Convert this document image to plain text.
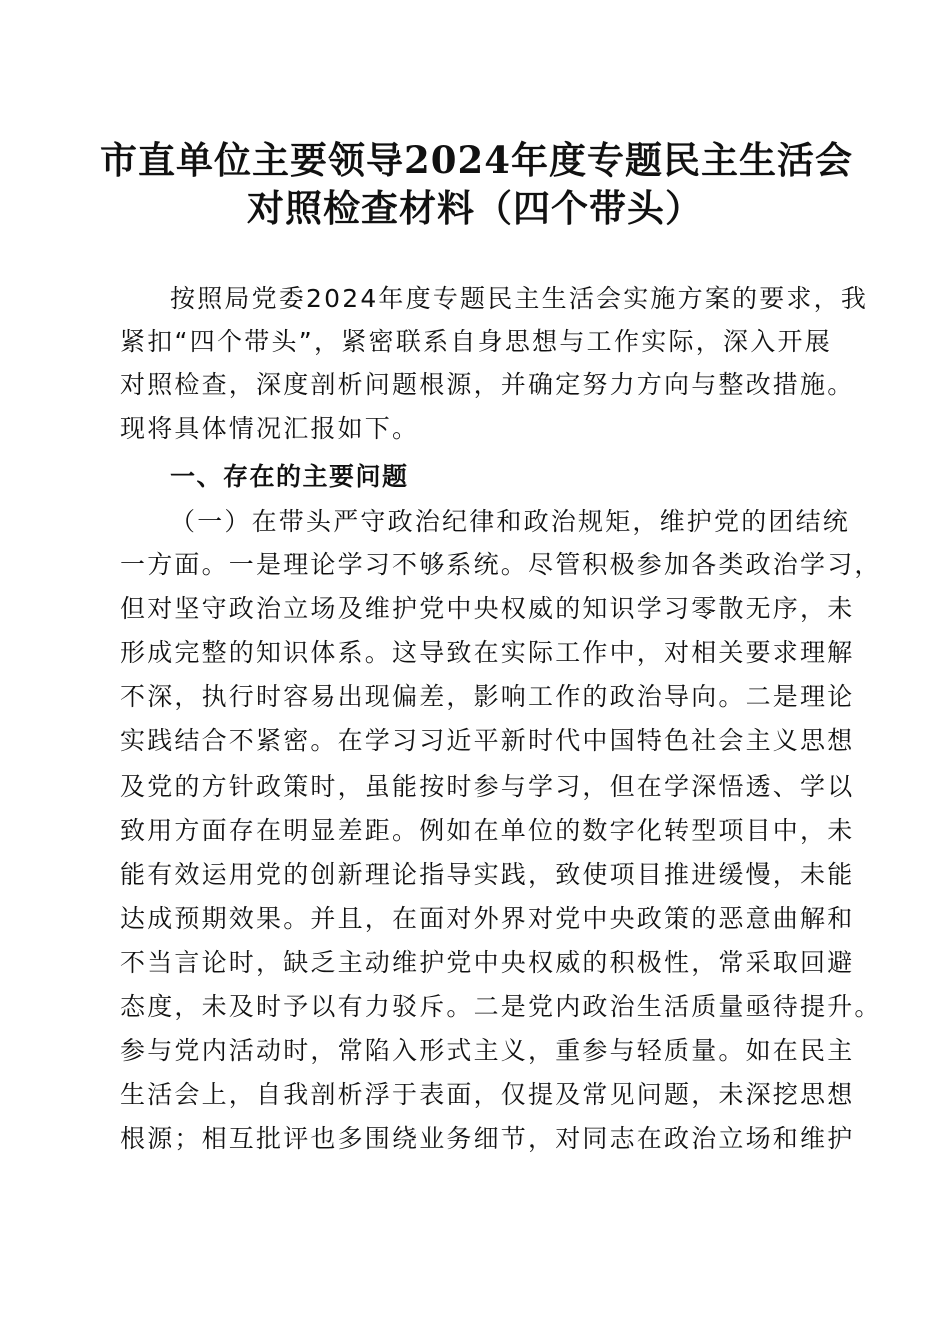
市直单位主要领导2024年度专题民主生活会
对照检查材料（四个带头）
按照局党委2024年度专题民主生活会实施方案的要求，我
紧扣“四个带头”，紧密联系自身思想与工作实际，深入开展
对照检查，深度剖析问题根源，并确定努力方向与整改措施。
现将具体情况汇报如下。
一、存在的主要问题
（一）在带头严守政治纪律和政治规矩，维护党的团结统
一方面。一是理论学习不够系统。尽管积极参加各类政治学习，
但对坚守政治立场及维护党中央权威的知识学习零散无序，未
形成完整的知识体系。这导致在实际工作中，对相关要求理解
不深，执行时容易出现偏差，影响工作的政治导向。二是理论
实践结合不紧密。在学习习近平新时代中国特色社会主义思想
及党的方针政策时，虽能按时参与学习，但在学深悟透、学以
致用方面存在明显差距。例如在单位的数字化转型项目中，未
能有效运用党的创新理论指导实践，致使项目推进缓慢，未能
达成预期效果。并且，在面对外界对党中央政策的恶意曲解和
不当言论时，缺乏主动维护党中央权威的积极性，常采取回避
态度，未及时予以有力驳斥。二是党内政治生活质量亟待提升。
参与党内活动时，常陷入形式主义，重参与轻质量。如在民主
生活会上，自我剖析浮于表面，仅提及常见问题，未深挖思想
根源；相互批评也多围绕业务细节，对同志在政治立场和维护
